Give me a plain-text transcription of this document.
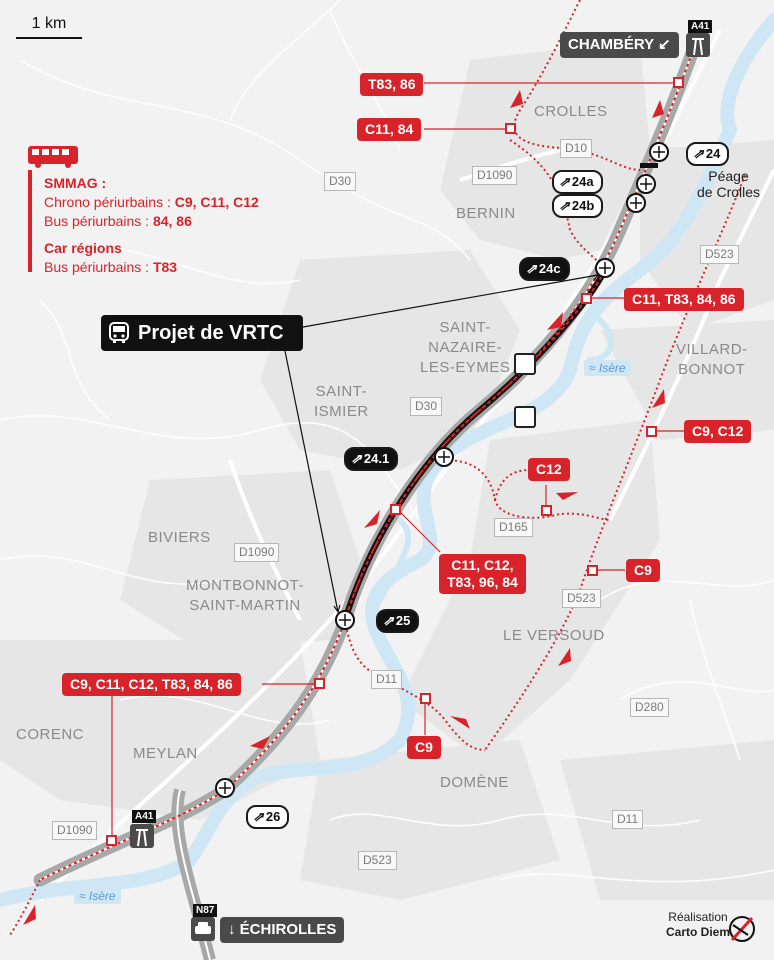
1 km
SMMAG :
Chrono périurbains : C9, C11, C12
Bus périurbains : 84, 86
Car régions
Bus périurbains : T83
Projet de VRTC
CHAMBÉRY ↙
A41
N87
↓ ÉCHIROLLES
A41
Péage
de Crolles
CROLLES
BERNIN
SAINT-
NAZAIRE-
LES-EYMES
SAINT-
ISMIER
VILLARD-
BONNOT
BIVIERS
MONTBONNOT-
SAINT-MARTIN
LE VERSOUD
CORENC
MEYLAN
DOMÈNE
D10
D1090
D30
D523
D30
D1090
D165
D523
D11
D280
D11
D1090
D523
≈ Isère
≈ Isère
⇗ 24
⇗ 24a
⇗ 24b
⇗ 24c
⇗ 24.1
⇗ 25
⇗ 26
T83, 86
C11, 84
C11, T83, 84, 86
C9, C12
C12
C11, C12,
T83, 96, 84
C9
C9, C11, C12, T83, 84, 86
C9
Réalisation
Carto Diem
